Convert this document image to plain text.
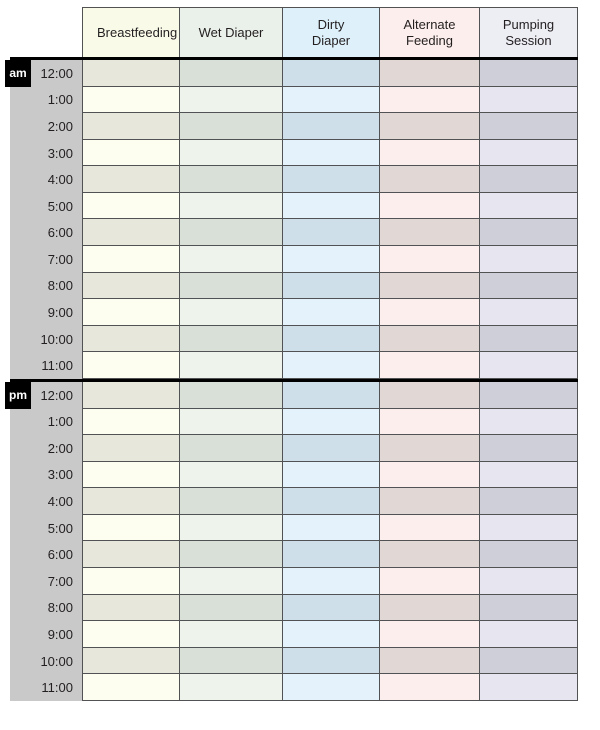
Breastfeeding Wet Diaper
Dirty Diaper
Alternate Feeding
Pumping Session
am	12:00
1:00
2:00
3:00
4:00
5:00
6:00
7:00
8:00
9:00
10:00
11:00
pm	12:00
1:00
2:00
3:00
4:00
5:00
6:00
7:00
8:00
9:00
10:00
11:00
